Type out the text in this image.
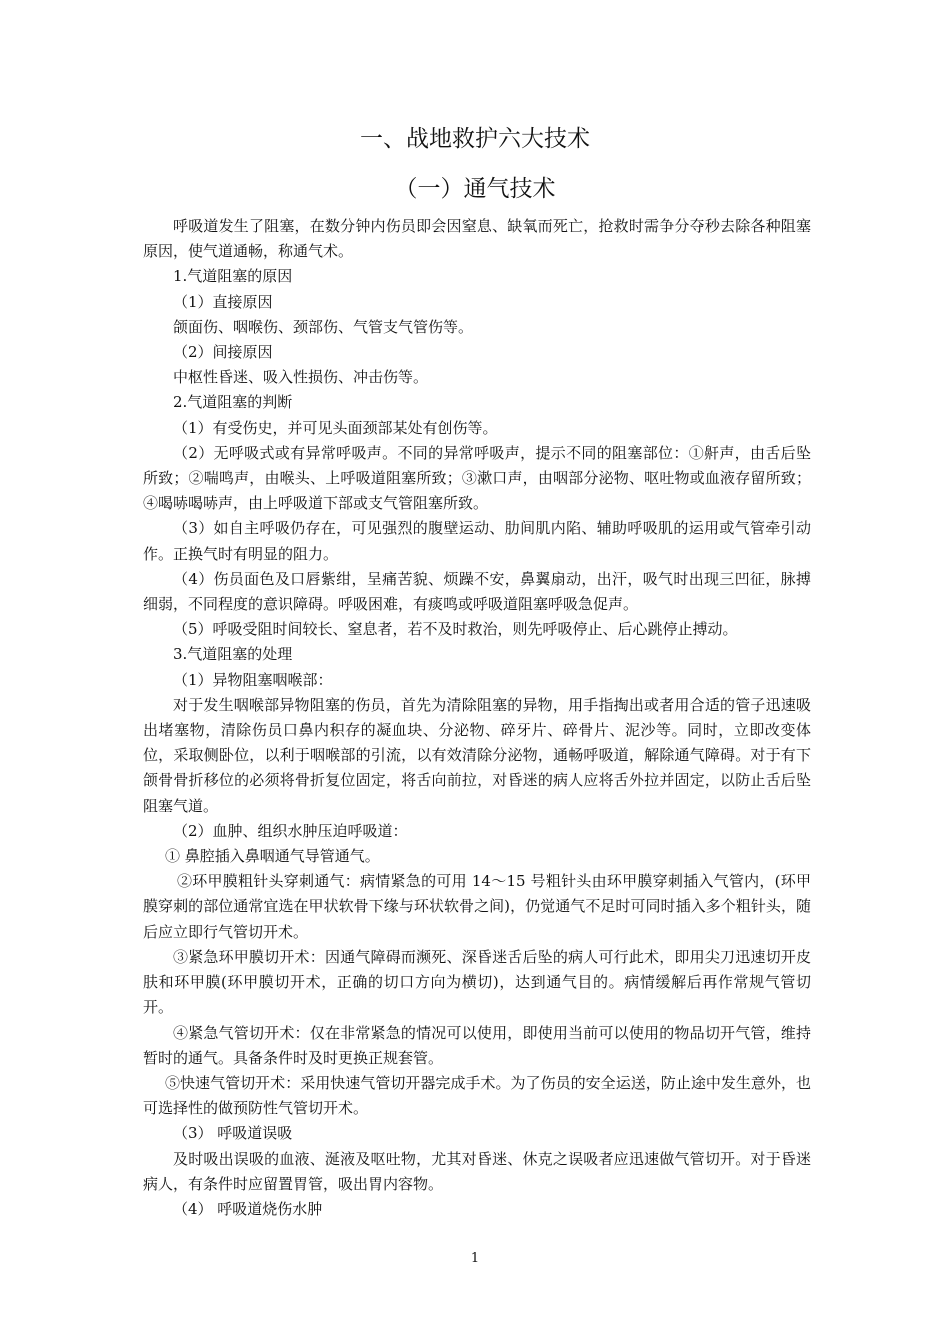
一、战地救护六大技术
（一）通气技术

呼吸道发生了阻塞，在数分钟内伤员即会因窒息、缺氧而死亡，抢救时需争分夺秒去除各种阻塞原因，使气道通畅，称通气术。

1.气道阻塞的原因

（1）直接原因

颌面伤、咽喉伤、颈部伤、气管支气管伤等。

（2）间接原因

中枢性昏迷、吸入性损伤、冲击伤等。

2.气道阻塞的判断

（1）有受伤史，并可见头面颈部某处有创伤等。

（2）无呼吸式或有异常呼吸声。不同的异常呼吸声，提示不同的阻塞部位：①鼾声，由舌后坠所致；②喘鸣声，由喉头、上呼吸道阻塞所致；③漱口声，由咽部分泌物、呕吐物或血液存留所致；④喝哧喝哧声，由上呼吸道下部或支气管阻塞所致。

（3）如自主呼吸仍存在，可见强烈的腹壁运动、肋间肌内陷、辅助呼吸肌的运用或气管牵引动作。正换气时有明显的阻力。

（4）伤员面色及口唇紫绀，呈痛苦貌、烦躁不安，鼻翼扇动，出汗，吸气时出现三凹征，脉搏细弱，不同程度的意识障碍。呼吸困难，有痰鸣或呼吸道阻塞呼吸急促声。

（5）呼吸受阻时间较长、窒息者，若不及时救治，则先呼吸停止、后心跳停止搏动。

3.气道阻塞的处理

（1）异物阻塞咽喉部：

对于发生咽喉部异物阻塞的伤员，首先为清除阻塞的异物，用手指掏出或者用合适的管子迅速吸出堵塞物，清除伤员口鼻内积存的凝血块、分泌物、碎牙片、碎骨片、泥沙等。同时，立即改变体位，采取侧卧位，以利于咽喉部的引流，以有效清除分泌物，通畅呼吸道，解除通气障碍。对于有下颌骨骨折移位的必须将骨折复位固定，将舌向前拉，对昏迷的病人应将舌外拉并固定，以防止舌后坠阻塞气道。

（2）血肿、组织水肿压迫呼吸道：

① 鼻腔插入鼻咽通气导管通气。

②环甲膜粗针头穿刺通气：病情紧急的可用 14～15 号粗针头由环甲膜穿刺插入气管内，(环甲膜穿刺的部位通常宜选在甲状软骨下缘与环状软骨之间)，仍觉通气不足时可同时插入多个粗针头，随后应立即行气管切开术。

③紧急环甲膜切开术：因通气障碍而濒死、深昏迷舌后坠的病人可行此术，即用尖刀迅速切开皮肤和环甲膜(环甲膜切开术，正确的切口方向为横切)，达到通气目的。病情缓解后再作常规气管切开。

④紧急气管切开术：仅在非常紧急的情况可以使用，即使用当前可以使用的物品切开气管，维持暂时的通气。具备条件时及时更换正规套管。

⑤快速气管切开术：采用快速气管切开器完成手术。为了伤员的安全运送，防止途中发生意外，也可选择性的做预防性气管切开术。

（3） 呼吸道误吸

及时吸出误吸的血液、涎液及呕吐物，尤其对昏迷、休克之误吸者应迅速做气管切开。对于昏迷病人，有条件时应留置胃管，吸出胃内容物。

（4） 呼吸道烧伤水肿

1
